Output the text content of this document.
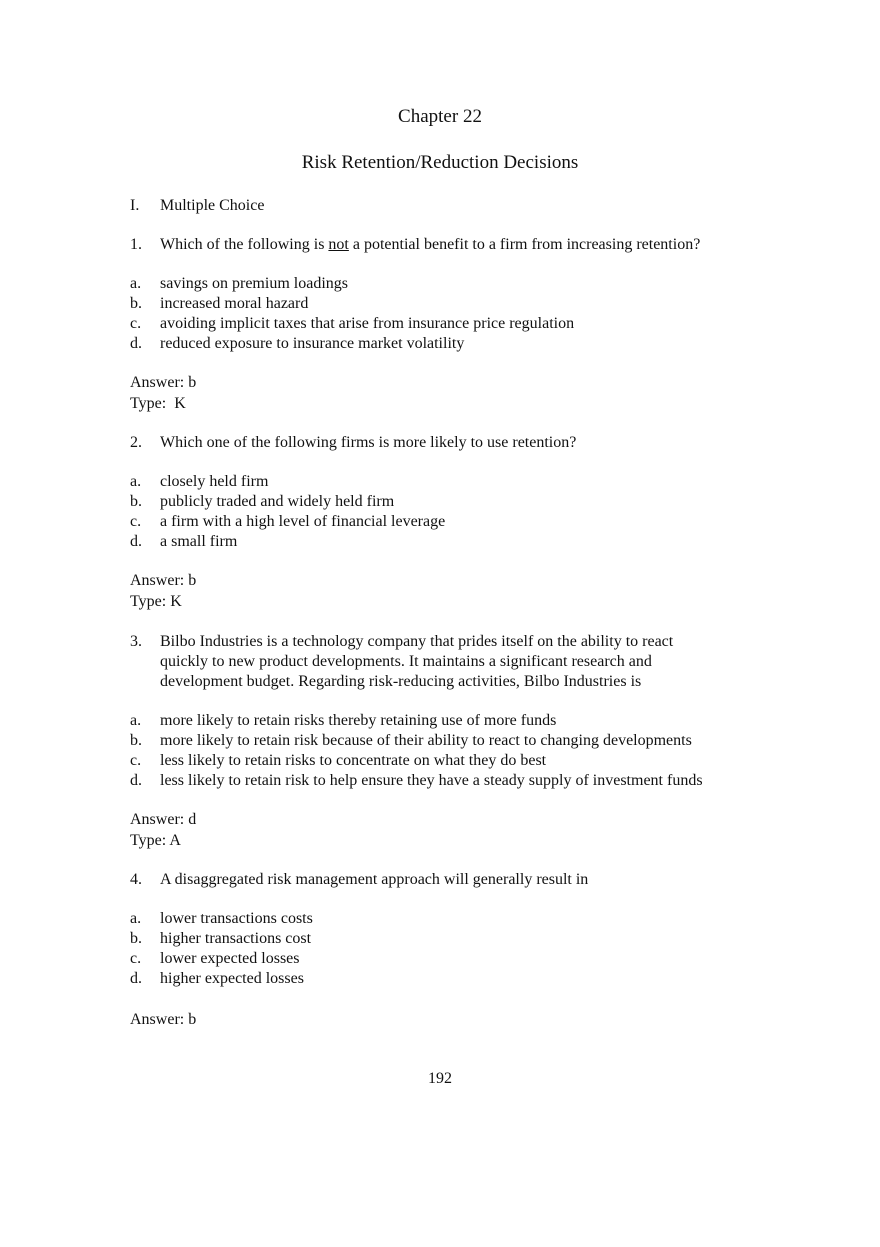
Chapter 22
Risk Retention/Reduction Decisions
I. Multiple Choice
1. Which of the following is not a potential benefit to a firm from increasing retention?
a. savings on premium loadings
b. increased moral hazard
c. avoiding implicit taxes that arise from insurance price regulation
d. reduced exposure to insurance market volatility
Answer: b
Type:  K
2. Which one of the following firms is more likely to use retention?
a. closely held firm
b. publicly traded and widely held firm
c. a firm with a high level of financial leverage
d. a small firm
Answer: b
Type: K
3. Bilbo Industries is a technology company that prides itself on the ability to react
quickly to new product developments. It maintains a significant research and
development budget. Regarding risk-reducing activities, Bilbo Industries is
a. more likely to retain risks thereby retaining use of more funds
b. more likely to retain risk because of their ability to react to changing developments
c. less likely to retain risks to concentrate on what they do best
d. less likely to retain risk to help ensure they have a steady supply of investment funds
Answer: d
Type: A
4. A disaggregated risk management approach will generally result in
a. lower transactions costs
b. higher transactions cost
c. lower expected losses
d. higher expected losses
Answer: b
192
